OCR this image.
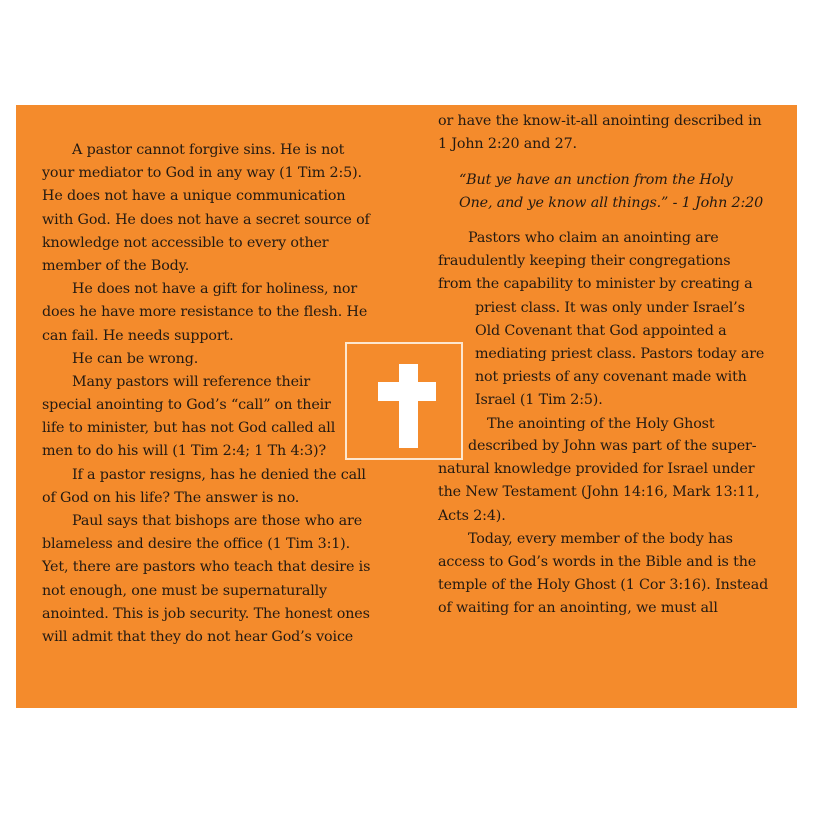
A pastor cannot forgive sins. He is not
your mediator to God in any way (1 Tim 2:5).
He does not have a unique communication
with God. He does not have a secret source of
knowledge not accessible to every other
member of the Body.
He does not have a gift for holiness, nor
does he have more resistance to the flesh. He
can fail. He needs support.
He can be wrong.
Many pastors will reference their
special anointing to God’s “call” on their
life to minister, but has not God called all
men to do his will (1 Tim 2:4; 1 Th 4:3)?
If a pastor resigns, has he denied the call
of God on his life? The answer is no.
Paul says that bishops are those who are
blameless and desire the office (1 Tim 3:1).
Yet, there are pastors who teach that desire is
not enough, one must be supernaturally
anointed. This is job security. The honest ones
will admit that they do not hear God’s voice
or have the know-it-all anointing described in
1 John 2:20 and 27.
“But ye have an unction from the Holy
One, and ye know all things.” - 1 John 2:20
Pastors who claim an anointing are
fraudulently keeping their congregations
from the capability to minister by creating a
priest class. It was only under Israel’s
Old Covenant that God appointed a
mediating priest class. Pastors today are
not priests of any covenant made with
Israel (1 Tim 2:5).
The anointing of the Holy Ghost
described by John was part of the super-
natural knowledge provided for Israel under
the New Testament (John 14:16, Mark 13:11,
Acts 2:4).
Today, every member of the body has
access to God’s words in the Bible and is the
temple of the Holy Ghost (1 Cor 3:16). Instead
of waiting for an anointing, we must all
